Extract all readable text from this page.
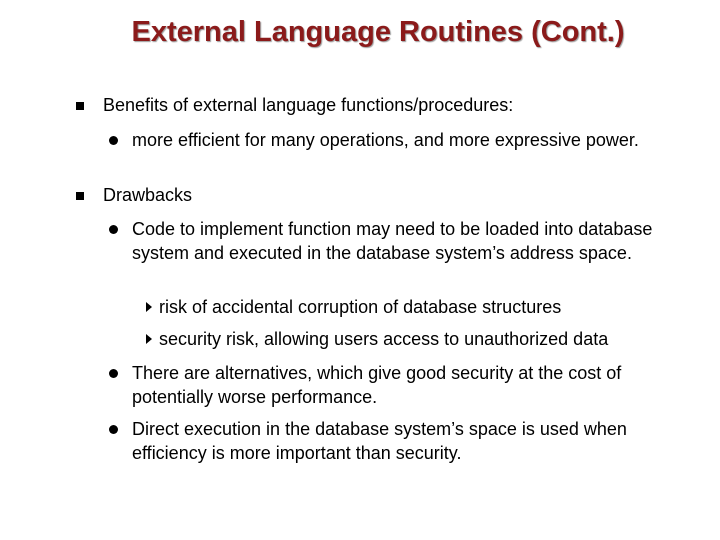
External Language Routines (Cont.)
Benefits of external language functions/procedures:
more efficient for many operations, and more expressive power.
Drawbacks
Code to implement function may need to be loaded into database system and executed in the database system’s address space.
risk of accidental corruption of database structures
security risk, allowing users access to unauthorized data
There are alternatives, which give good security at the cost of potentially worse performance.
Direct execution in the database system’s space is used when efficiency is more important than security.
